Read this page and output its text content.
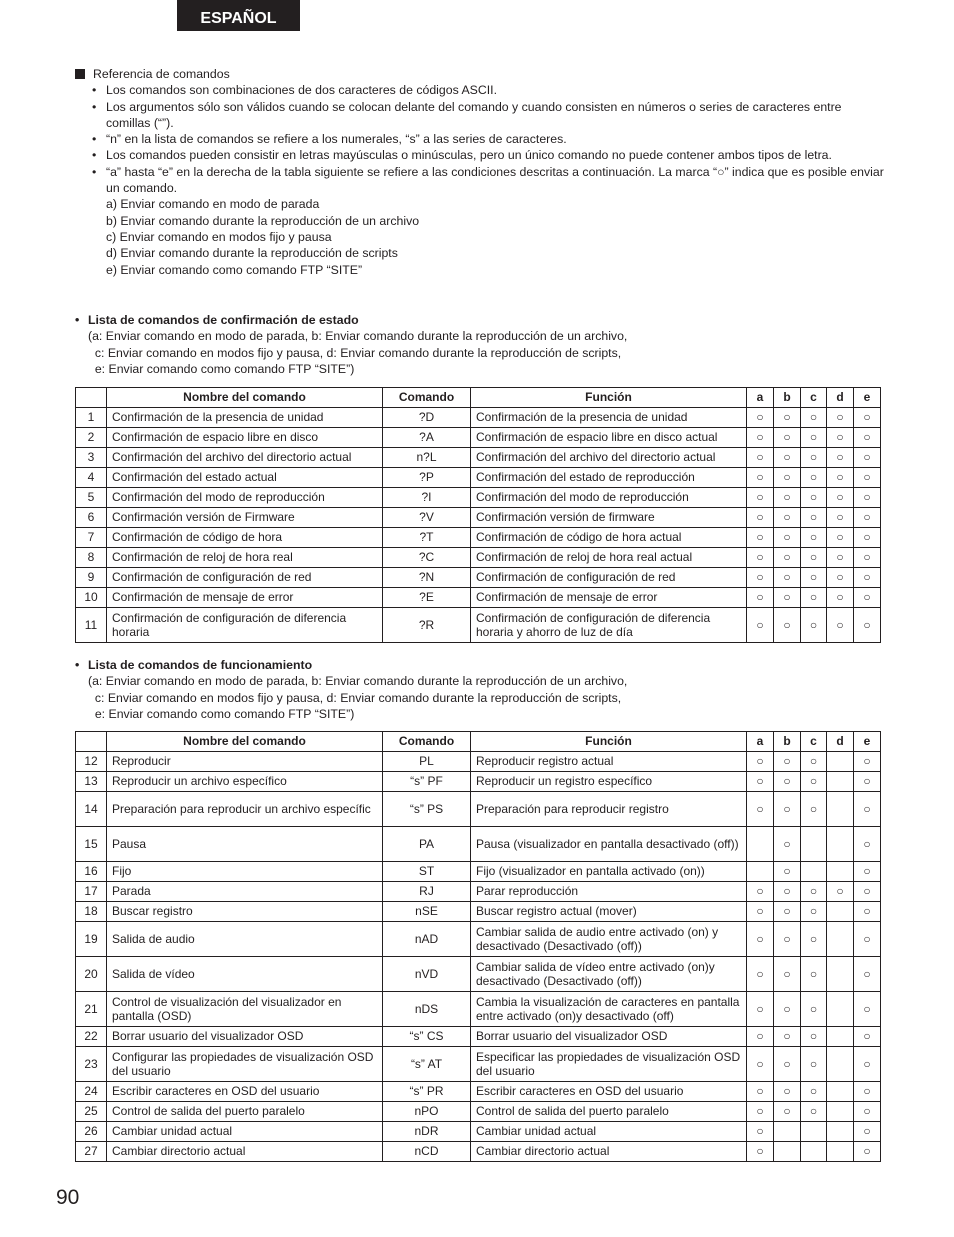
ESPAÑOL
Referencia de comandos
• Los comandos son combinaciones de dos caracteres de códigos ASCII.
• Los argumentos sólo son válidos cuando se colocan delante del comando y cuando consisten en números o series de caracteres entre comillas (“”).
• “n” en la lista de comandos se refiere a los numerales, “s” a las series de caracteres.
• Los comandos pueden consistir en letras mayúsculas o minúsculas, pero un único comando no puede contener ambos tipos de letra.
• “a” hasta “e” en la derecha de la tabla siguiente se refiere a las condiciones descritas a continuación. La marca “○” indica que es posible enviar un comando.
a) Enviar comando en modo de parada
b) Enviar comando durante la reproducción de un archivo
c) Enviar comando en modos fijo y pausa
d) Enviar comando durante la reproducción de scripts
e) Enviar comando como comando FTP “SITE”
• Lista de comandos de confirmación de estado
(a: Enviar comando en modo de parada, b: Enviar comando durante la reproducción de un archivo,
c: Enviar comando en modos fijo y pausa, d: Enviar comando durante la reproducción de scripts,
e: Enviar comando como comando FTP “SITE”)
	Nombre del comando	Comando	Función	a	b	c	d	e
1	Confirmación de la presencia de unidad	?D	Confirmación de la presencia de unidad	○	○	○	○	○
2	Confirmación de espacio libre en disco	?A	Confirmación de espacio libre en disco actual	○	○	○	○	○
3	Confirmación del archivo del directorio actual	n?L	Confirmación del archivo del directorio actual	○	○	○	○	○
4	Confirmación del estado actual	?P	Confirmación del estado de reproducción	○	○	○	○	○
5	Confirmación del modo de reproducción	?I	Confirmación del modo de reproducción	○	○	○	○	○
6	Confirmación versión de Firmware	?V	Confirmación versión de firmware	○	○	○	○	○
7	Confirmación de código de hora	?T	Confirmación de código de hora actual	○	○	○	○	○
8	Confirmación de reloj de hora real	?C	Confirmación de reloj de hora real actual	○	○	○	○	○
9	Confirmación de configuración de red	?N	Confirmación de configuración de red	○	○	○	○	○
10	Confirmación de mensaje de error	?E	Confirmación de mensaje de error	○	○	○	○	○
11	Confirmación de configuración de diferencia horaria	?R	Confirmación de configuración de diferencia horaria y ahorro de luz de día	○	○	○	○	○
• Lista de comandos de funcionamiento
(a: Enviar comando en modo de parada, b: Enviar comando durante la reproducción de un archivo,
c: Enviar comando en modos fijo y pausa, d: Enviar comando durante la reproducción de scripts,
e: Enviar comando como comando FTP “SITE”)
	Nombre del comando	Comando	Función	a	b	c	d	e
12	Reproducir	PL	Reproducir registro actual	○	○	○		○
13	Reproducir un archivo específico	“s” PF	Reproducir un registro específico	○	○	○		○
14	Preparación para reproducir un archivo específic	“s” PS	Preparación para reproducir registro	○	○	○		○
15	Pausa	PA	Pausa (visualizador en pantalla desactivado (off))		○			○
16	Fijo	ST	Fijo (visualizador en pantalla activado (on))		○			○
17	Parada	RJ	Parar reproducción	○	○	○	○	○
18	Buscar registro	nSE	Buscar registro actual (mover)	○	○	○		○
19	Salida de audio	nAD	Cambiar salida de audio entre activado (on) y desactivado (Desactivado (off))	○	○	○		○
20	Salida de vídeo	nVD	Cambiar salida de vídeo entre activado (on)y desactivado (Desactivado (off))	○	○	○		○
21	Control de visualización del visualizador en pantalla (OSD)	nDS	Cambia la visualización de caracteres en pantalla entre activado (on)y desactivado (off)	○	○	○		○
22	Borrar usuario del visualizador OSD	“s” CS	Borrar usuario del visualizador OSD	○	○	○		○
23	Configurar las propiedades de visualización OSD del usuario	“s” AT	Especificar las propiedades de visualización OSD del usuario	○	○	○		○
24	Escribir caracteres en OSD del usuario	“s” PR	Escribir caracteres en OSD del usuario	○	○	○		○
25	Control de salida del puerto paralelo	nPO	Control de salida del puerto paralelo	○	○	○		○
26	Cambiar unidad actual	nDR	Cambiar unidad actual	○				○
27	Cambiar directorio actual	nCD	Cambiar directorio actual	○				○
90
